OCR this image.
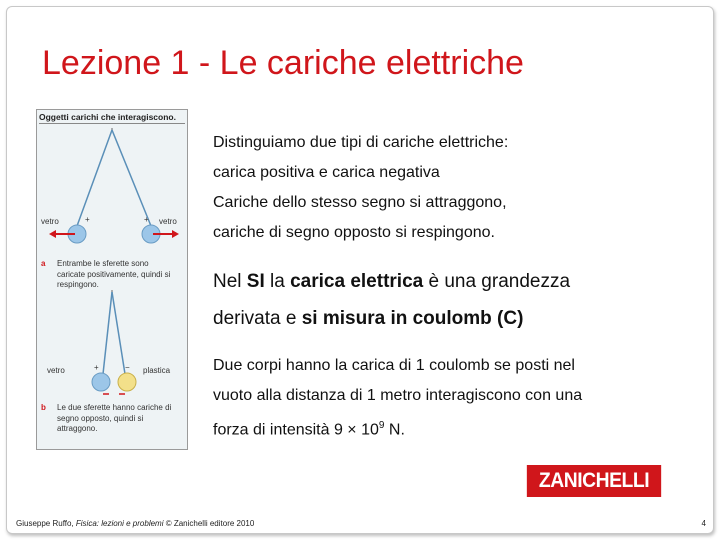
Lezione 1 - Le cariche elettriche
Oggetti carichi che interagiscono.
+	+
vetro	vetro
a Entrambe le sferette sono caricate positivamente, quindi si respingono.
+	−
vetro	plastica
b Le due sferette hanno cariche di segno opposto, quindi si attraggono.
Distinguiamo due tipi di cariche elettriche:
carica positiva e carica negativa
Cariche dello stesso segno si attraggono,
cariche di segno opposto si respingono.
Nel SI la carica elettrica è una grandezza
derivata e si misura in coulomb (C)
Due corpi hanno la carica di 1 coulomb se posti nel
vuoto alla distanza di 1 metro interagiscono con una
forza di intensità $9 \times 10^9$ N.
ZANICHELLI
Giuseppe Ruffo, Fisica: lezioni e problemi © Zanichelli editore 2010	4
